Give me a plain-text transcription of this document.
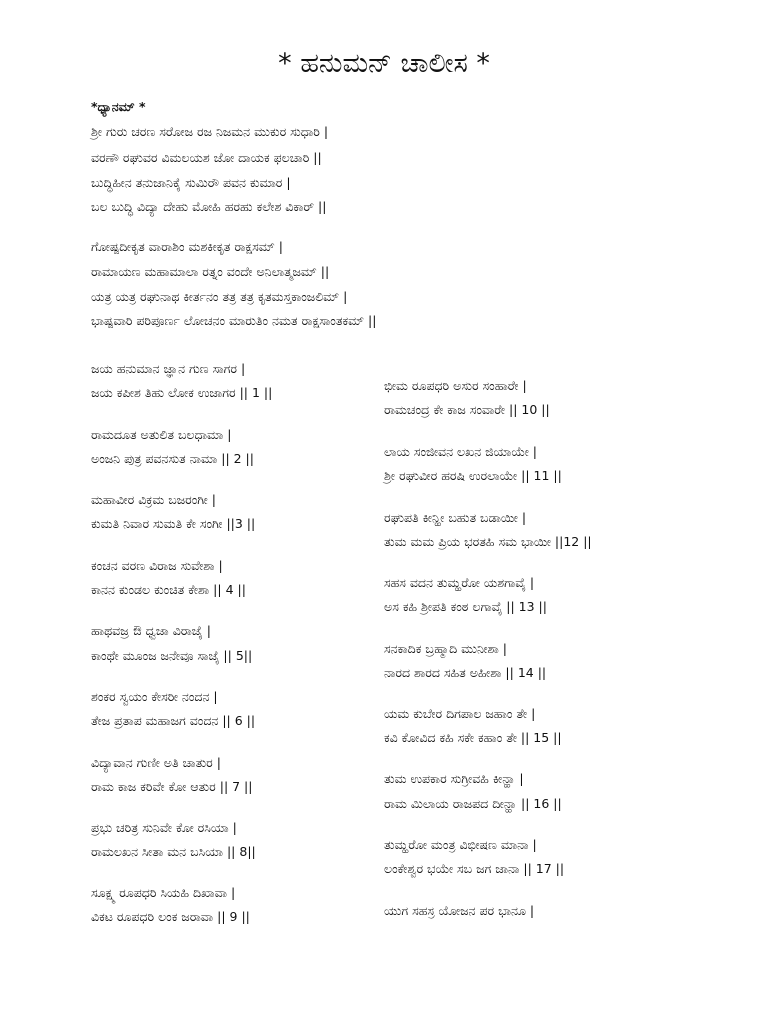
* ಹನುಮನ್ ಚಾಲೀಸ *
*ಧ್ಯಾನಮ್ *
ಶ್ರೀ ಗುರು ಚರಣ ಸರೋಜ ರಜ ನಿಜಮನ ಮುಕುರ ಸುಧಾರಿ |
ವರಣೌ ರಘುವರ ವಿಮಲಯಶ ಜೋ ದಾಯಕ ಫಲಚಾರಿ ||
ಬುದ್ಧಿಹೀನ ತನುಜಾನಿಕೈ ಸುಮಿರೌ ಪವನ ಕುಮಾರ |
ಬಲ ಬುದ್ಧಿ ವಿದ್ಯಾ ದೇಹು ಮೋಹಿ ಹರಹು ಕಲೇಶ ವಿಕಾರ್ ||
ಗೋಷ್ಪದೀಕೃತ ವಾರಾಶಿಂ ಮಶಕೀಕೃತ ರಾಕ್ಷಸಮ್ |
ರಾಮಾಯಣ ಮಹಾಮಾಲಾ ರತ್ನಂ ವಂದೇ ಅನಿಲಾತ್ಮಜಮ್ ||
ಯತ್ರ ಯತ್ರ ರಘುನಾಥ ಕೀರ್ತನಂ ತತ್ರ ತತ್ರ ಕೃತಮಸ್ತಕಾಂಜಲಿಮ್ |
ಭಾಷ್ಪವಾರಿ ಪರಿಪೂರ್ಣ ಲೋಚನಂ ಮಾರುತಿಂ ನಮತ ರಾಕ್ಷಸಾಂತಕಮ್ ||
ಜಯ ಹನುಮಾನ ಜ್ಞಾನ ಗುಣ ಸಾಗರ |
ಜಯ ಕಪೀಶ ತಿಹು ಲೋಕ ಉಜಾಗರ || 1 ||
ರಾಮದೂತ ಅತುಲಿತ ಬಲಧಾಮಾ |
ಅಂಜನಿ ಪುತ್ರ ಪವನಸುತ ನಾಮಾ || 2 ||
ಮಹಾವೀರ ವಿಕ್ರಮ ಬಜರಂಗೀ |
ಕುಮತಿ ನಿವಾರ ಸುಮತಿ ಕೇ ಸಂಗೀ ||3 ||
ಕಂಚನ ವರಣ ವಿರಾಜ ಸುವೇಶಾ |
ಕಾನನ ಕುಂಡಲ ಕುಂಚಿತ ಕೇಶಾ || 4 ||
ಹಾಥವಜ್ರ ಔ ಧ್ವಜಾ ವಿರಾಜೈ |
ಕಾಂಥೇ ಮೂಂಜ ಜನೇವೂ ಸಾಜೈ || 5||
ಶಂಕರ ಸ್ವಯಂ ಕೇಸರೀ ನಂದನ |
ತೇಜ ಪ್ರತಾಪ ಮಹಾಜಗ ವಂದನ || 6 ||
ವಿದ್ಯಾವಾನ ಗುಣೀ ಅತಿ ಚಾತುರ |
ರಾಮ ಕಾಜ ಕರಿವೇ ಕೋ ಆತುರ || 7 ||
ಪ್ರಭು ಚರಿತ್ರ ಸುನಿವೇ ಕೋ ರಸಿಯಾ |
ರಾಮಲಖನ ಸೀತಾ ಮನ ಬಸಿಯಾ || 8||
ಸೂಕ್ಷ್ಮ ರೂಪಧರಿ ಸಿಯಹಿ ದಿಖಾವಾ |
ವಿಕಟ ರೂಪಧರಿ ಲಂಕ ಜರಾವಾ || 9 ||
ಭೀಮ ರೂಪಧರಿ ಅಸುರ ಸಂಹಾರೇ |
ರಾಮಚಂದ್ರ ಕೇ ಕಾಜ ಸಂವಾರೇ || 10 ||
ಲಾಯ ಸಂಜೀವನ ಲಖನ ಜಿಯಾಯೇ |
ಶ್ರೀ ರಘುವೀರ ಹರಷಿ ಉರಲಾಯೇ || 11 ||
ರಘುಪತಿ ಕೀನ್ಹೀ ಬಹುತ ಬಡಾಯೀ |
ತುಮ ಮಮ ಪ್ರಿಯ ಭರತಹಿ ಸಮ ಭಾಯೀ ||12 ||
ಸಹಸ ವದನ ತುಮ್ಹರೋ ಯಶಗಾವೈ |
ಅಸ ಕಹಿ ಶ್ರೀಪತಿ ಕಂಠ ಲಗಾವೈ || 13 ||
ಸನಕಾದಿಕ ಬ್ರಹ್ಮಾದಿ ಮುನೀಶಾ |
ನಾರದ ಶಾರದ ಸಹಿತ ಅಹೀಶಾ || 14 ||
ಯಮ ಕುಬೇರ ದಿಗಪಾಲ ಜಹಾಂ ತೇ |
ಕವಿ ಕೋವಿದ ಕಹಿ ಸಕೇ ಕಹಾಂ ತೇ || 15 ||
ತುಮ ಉಪಕಾರ ಸುಗ್ರೀವಹಿ ಕೀನ್ಹಾ |
ರಾಮ ಮಿಲಾಯ ರಾಜಪದ ದೀನ್ಹಾ || 16 ||
ತುಮ್ಹರೋ ಮಂತ್ರ ವಿಭೀಷಣ ಮಾನಾ |
ಲಂಕೇಶ್ವರ ಭಯೇ ಸಬ ಜಗ ಜಾನಾ || 17 ||
ಯುಗ ಸಹಸ್ರ ಯೋಜನ ಪರ ಭಾನೂ |
